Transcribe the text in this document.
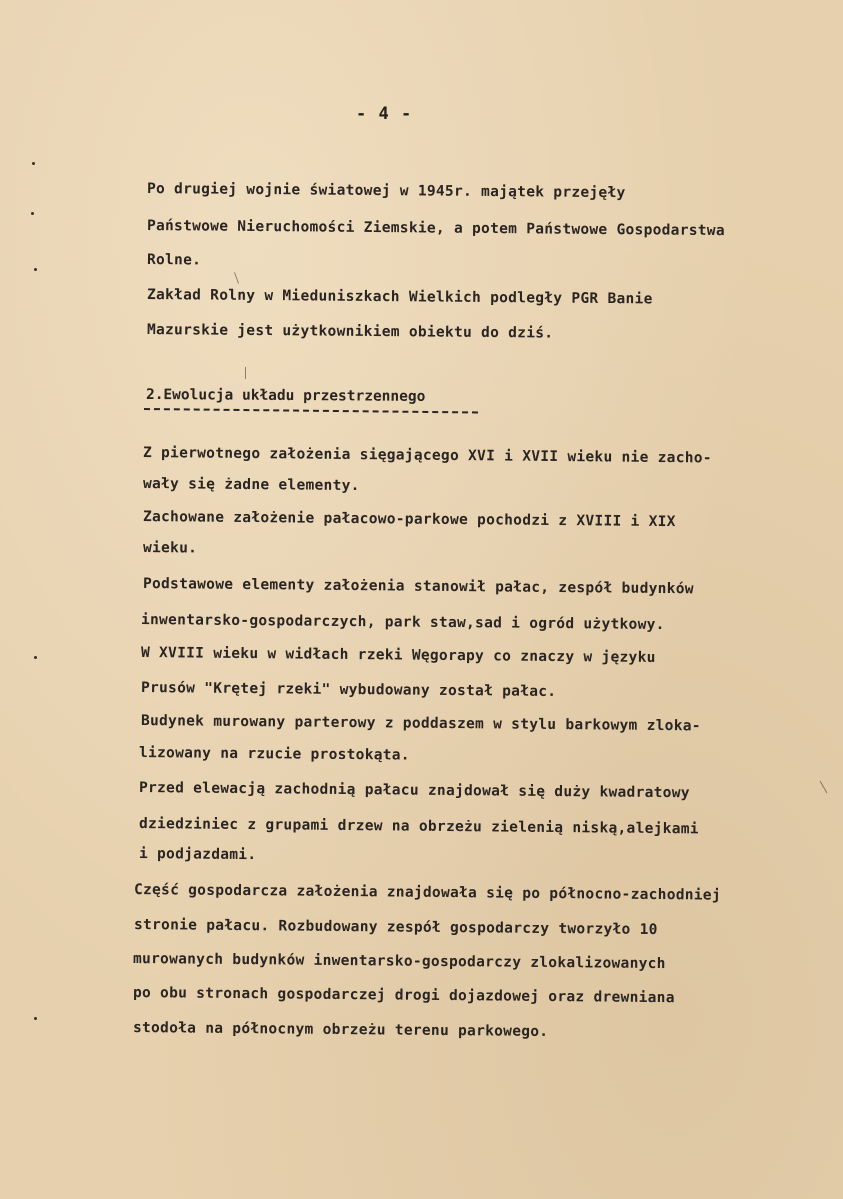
- 4 -
Po drugiej wojnie światowej w 1945r. majątek przejęły
Państwowe Nieruchomości Ziemskie, a potem Państwowe Gospodarstwa
Rolne.
Zakład Rolny w Mieduniszkach Wielkich podległy PGR Banie
Mazurskie jest użytkownikiem obiektu do dziś.
2.Ewolucja układu przestrzennego
Z pierwotnego założenia sięgającego XVI i XVII wieku nie zacho-
wały się żadne elementy.
Zachowane założenie pałacowo-parkowe pochodzi z XVIII i XIX
wieku.
Podstawowe elementy założenia stanowił pałac, zespół budynków
inwentarsko-gospodarczych, park staw,sad i ogród użytkowy.
W XVIII wieku w widłach rzeki Węgorapy co znaczy w języku
Prusów "Krętej rzeki" wybudowany został pałac.
Budynek murowany parterowy z poddaszem w stylu barkowym zloka-
lizowany na rzucie prostokąta.
Przed elewacją zachodnią pałacu znajdował się duży kwadratowy
dziedziniec z grupami drzew na obrzeżu zielenią niską,alejkami
i podjazdami.
Część gospodarcza założenia znajdowała się po północno-zachodniej
stronie pałacu. Rozbudowany zespół gospodarczy tworzyło 10
murowanych budynków inwentarsko-gospodarczy zlokalizowanych
po obu stronach gospodarczej drogi dojazdowej oraz drewniana
stodoła na północnym obrzeżu terenu parkowego.
